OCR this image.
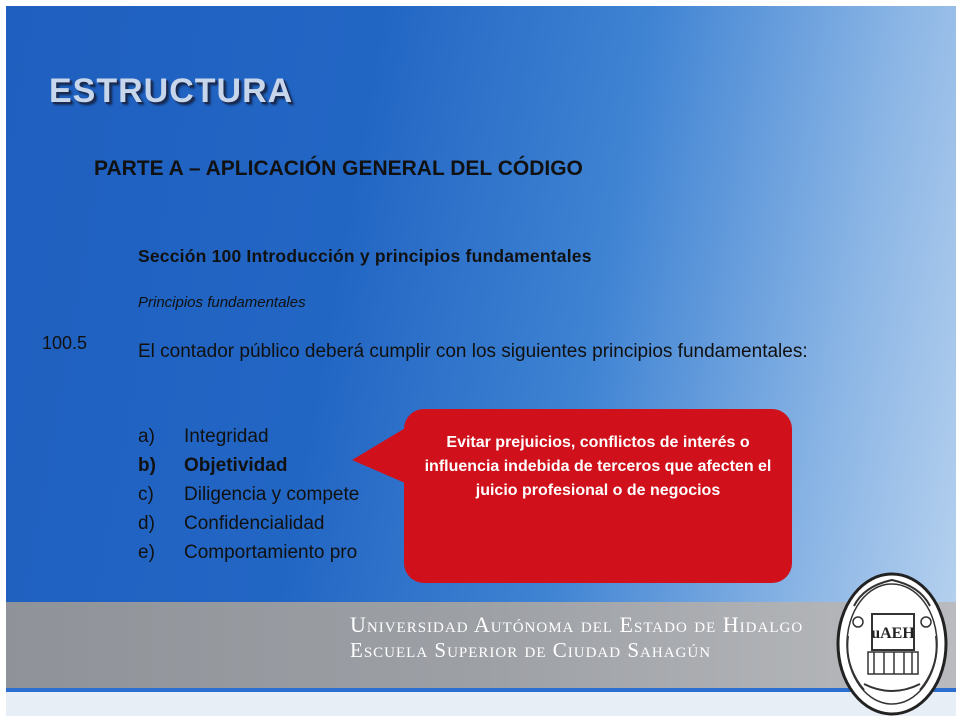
ESTRUCTURA
PARTE A – APLICACIÓN GENERAL DEL CÓDIGO
Sección 100 Introducción y principios fundamentales
Principios fundamentales
100.5	El contador público deberá cumplir con los siguientes principios fundamentales:
a)	Integridad
b)	Objetividad
c)	Diligencia y compete
d)	Confidencialidad
e)	Comportamiento pro
Evitar prejuicios, conflictos de interés o influencia indebida de terceros que afecten el juicio profesional o de negocios
Universidad Autónoma del Estado de Hidalgo
Escuela Superior de Ciudad Sahagún
uAEH
